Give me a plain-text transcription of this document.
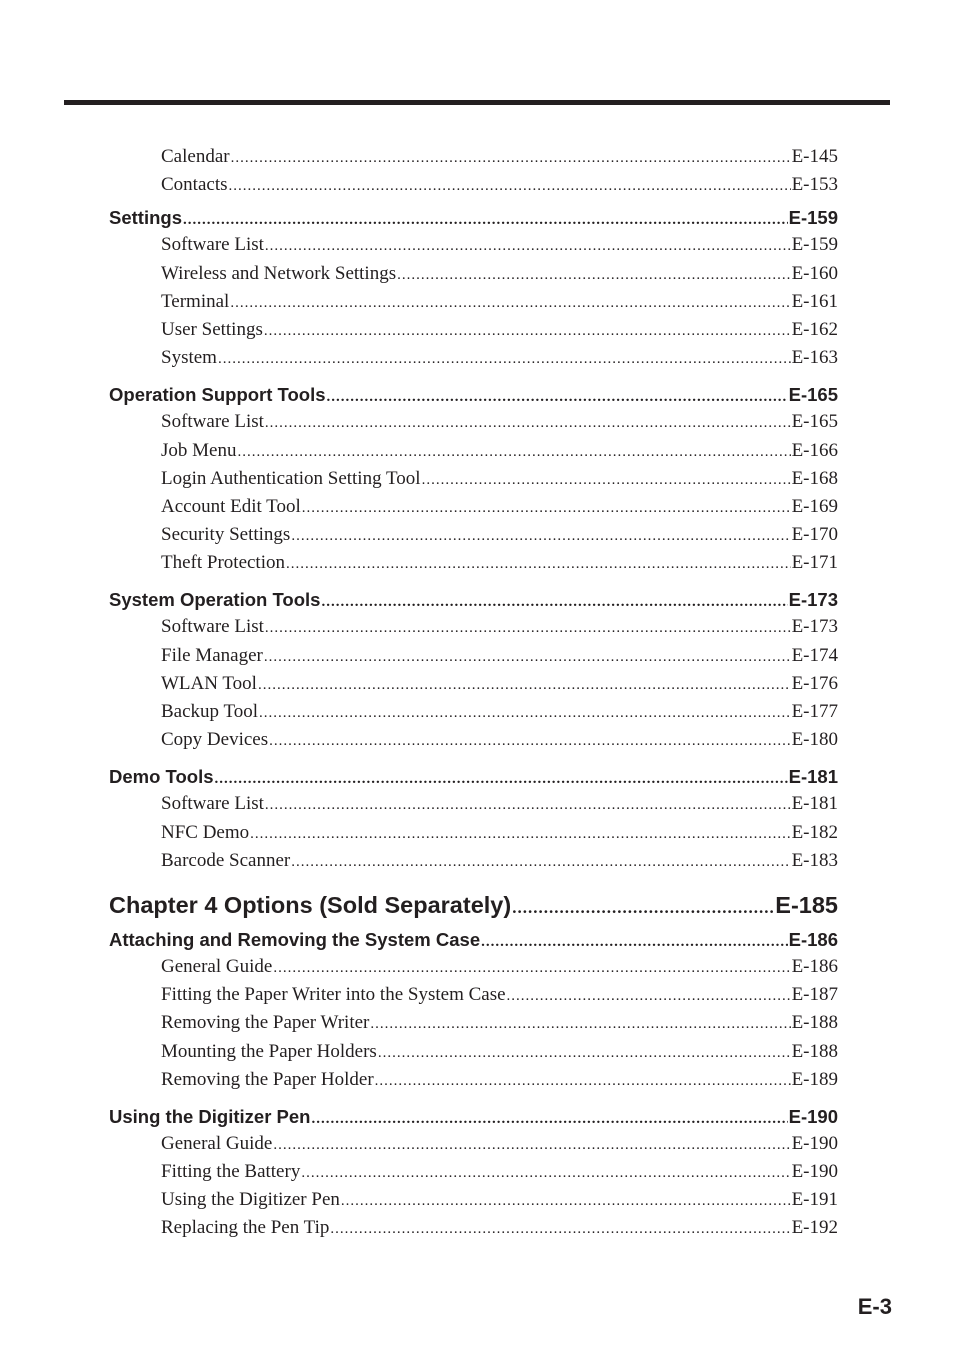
Calendar .....	E-145
Contacts .....	E-153
Settings .....	E-159
Software List .....	E-159
Wireless and Network Settings .....	E-160
Terminal .....	E-161
User Settings .....	E-162
System .....	E-163
Operation Support Tools .....	E-165
Software List .....	E-165
Job Menu .....	E-166
Login Authentication Setting Tool .....	E-168
Account Edit Tool .....	E-169
Security Settings .....	E-170
Theft Protection .....	E-171
System Operation Tools .....	E-173
Software List .....	E-173
File Manager .....	E-174
WLAN Tool .....	E-176
Backup Tool .....	E-177
Copy Devices .....	E-180
Demo Tools .....	E-181
Software List .....	E-181
NFC Demo .....	E-182
Barcode Scanner .....	E-183
Chapter 4 Options (Sold Separately) .....	E-185
Attaching and Removing the System Case .....	E-186
General Guide .....	E-186
Fitting the Paper Writer into the System Case .....	E-187
Removing the Paper Writer .....	E-188
Mounting the Paper Holders .....	E-188
Removing the Paper Holder .....	E-189
Using the Digitizer Pen .....	E-190
General Guide .....	E-190
Fitting the Battery .....	E-190
Using the Digitizer Pen .....	E-191
Replacing the Pen Tip .....	E-192
E-3
